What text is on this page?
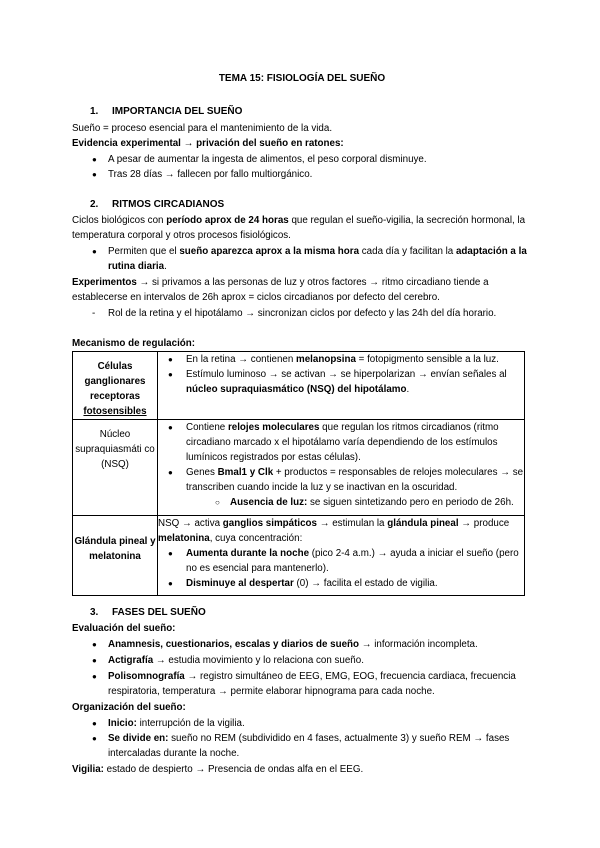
TEMA 15: FISIOLOGÍA DEL SUEÑO
1. IMPORTANCIA DEL SUEÑO
Sueño = proceso esencial para el mantenimiento de la vida.
Evidencia experimental → privación del sueño en ratones:
● A pesar de aumentar la ingesta de alimentos, el peso corporal disminuye.
● Tras 28 días → fallecen por fallo multiorgánico.
2. RITMOS CIRCADIANOS
Ciclos biológicos con período aprox de 24 horas que regulan el sueño-vigilia, la secreción hormonal, la temperatura corporal y otros procesos fisiológicos.
● Permiten que el sueño aparezca aprox a la misma hora cada día y facilitan la adaptación a la rutina diaria.
Experimentos → si privamos a las personas de luz y otros factores → ritmo circadiano tiende a establecerse en intervalos de 26h aprox = ciclos circadianos por defecto del cerebro.
- Rol de la retina y el hipotálamo → sincronizan ciclos por defecto y las 24h del día horario.
Mecanismo de regulación:
Células ganglionares receptoras fotosensibles	● En la retina → contienen melanopsina = fotopigmento sensible a la luz.
● Estímulo luminoso → se activan → se hiperpolarizan → envían señales al núcleo supraquiasmático (NSQ) del hipotálamo.

Núcleo supraquiasmáti co (NSQ)	● Contiene relojes moleculares que regulan los ritmos circadianos (ritmo circadiano marcado x el hipotálamo varía dependiendo de los estímulos lumínicos registrados por estas células).
● Genes Bmal1 y Clk + productos = responsables de relojes moleculares → se transcriben cuando incide la luz y se inactivan en la oscuridad.
○ Ausencia de luz: se siguen sintetizando pero en periodo de 26h.

Glándula pineal y melatonina	NSQ → activa ganglios simpáticos → estimulan la glándula pineal → produce melatonina, cuya concentración:
● Aumenta durante la noche (pico 2-4 a.m.) → ayuda a iniciar el sueño (pero no es esencial para mantenerlo).
● Disminuye al despertar (0) → facilita el estado de vigilia.
3. FASES DEL SUEÑO
Evaluación del sueño:
● Anamnesis, cuestionarios, escalas y diarios de sueño → información incompleta.
● Actigrafía → estudia movimiento y lo relaciona con sueño.
● Polisomnografía → registro simultáneo de EEG, EMG, EOG, frecuencia cardiaca, frecuencia respiratoria, temperatura → permite elaborar hipnograma para cada noche.
Organización del sueño:
● Inicio: interrupción de la vigilia.
● Se divide en: sueño no REM (subdividido en 4 fases, actualmente 3) y sueño REM → fases intercaladas durante la noche.
Vigilia: estado de despierto → Presencia de ondas alfa en el EEG.
